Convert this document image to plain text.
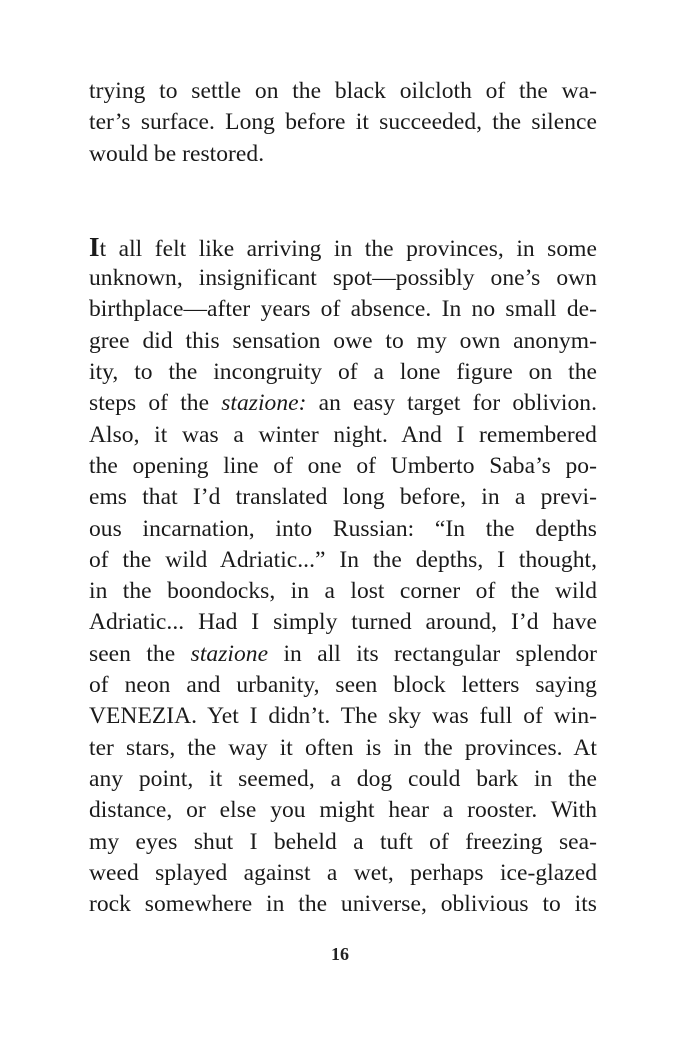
trying to settle on the black oilcloth of the wa-
ter’s surface. Long before it succeeded, the silence
would be restored.
It all felt like arriving in the provinces, in some
unknown, insignificant spot—possibly one’s own
birthplace—after years of absence. In no small de-
gree did this sensation owe to my own anonym-
ity, to the incongruity of a lone figure on the
steps of the stazione: an easy target for oblivion.
Also, it was a winter night. And I remembered
the opening line of one of Umberto Saba’s po-
ems that I’d translated long before, in a previ-
ous incarnation, into Russian: “In the depths
of the wild Adriatic...” In the depths, I thought,
in the boondocks, in a lost corner of the wild
Adriatic... Had I simply turned around, I’d have
seen the stazione in all its rectangular splendor
of neon and urbanity, seen block letters saying
VENEZIA. Yet I didn’t. The sky was full of win-
ter stars, the way it often is in the provinces. At
any point, it seemed, a dog could bark in the
distance, or else you might hear a rooster. With
my eyes shut I beheld a tuft of freezing sea-
weed splayed against a wet, perhaps ice-glazed
rock somewhere in the universe, oblivious to its
16
